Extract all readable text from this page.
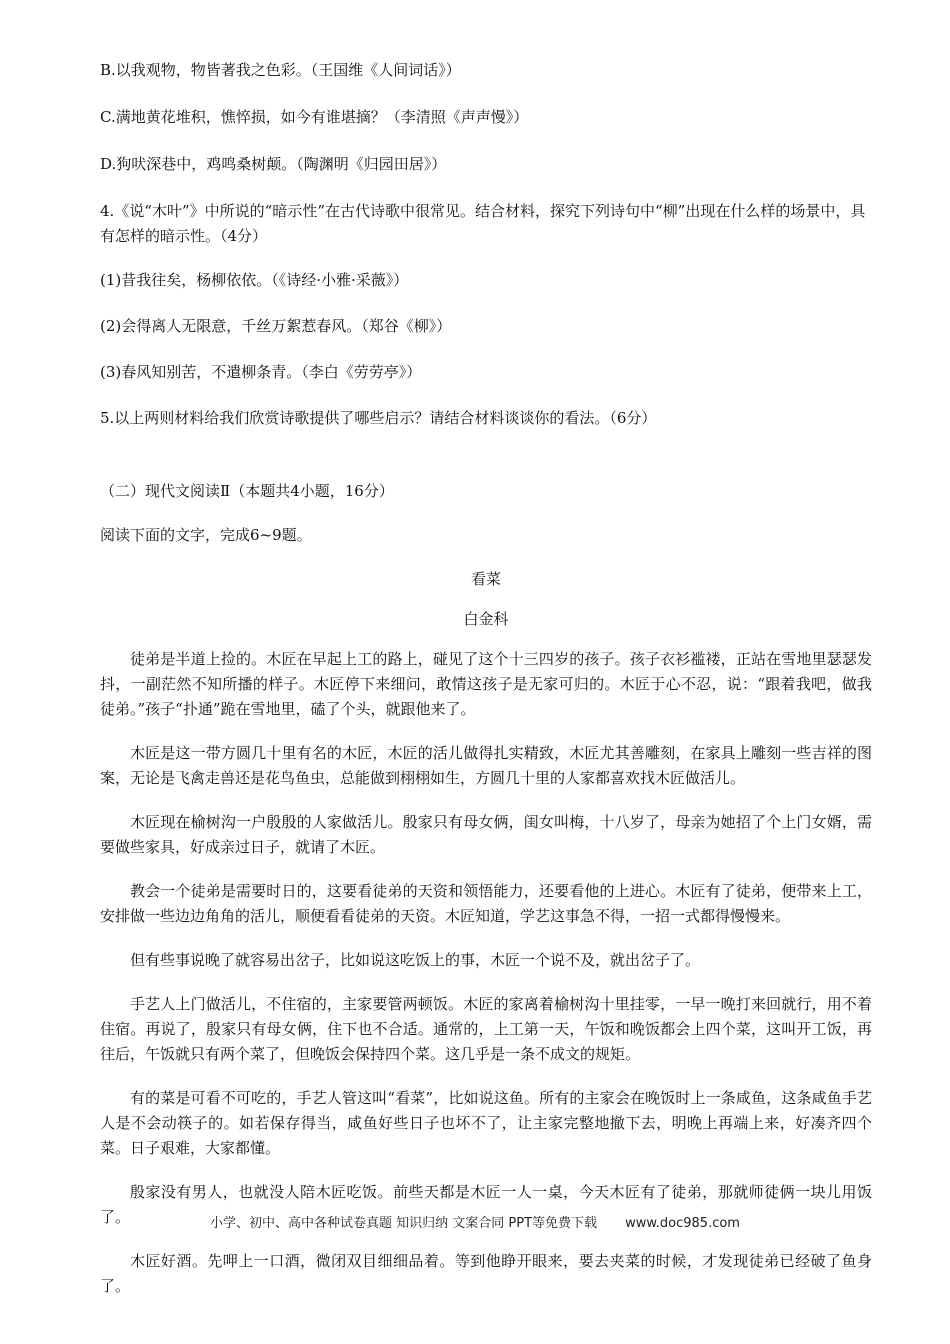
B.以我观物，物皆著我之色彩。（王国维《人间词话》）

C.满地黄花堆积，憔悴损，如今有谁堪摘？（李清照《声声慢》）

D.狗吠深巷中，鸡鸣桑树颠。（陶渊明《归园田居》）

4.《说“木叶”》中所说的“暗示性”在古代诗歌中很常见。结合材料，探究下列诗句中“柳”出现在什么样的场景中，具有怎样的暗示性。（4分）

(1)昔我往矣，杨柳依依。（《诗经·小雅·采薇》）

(2)会得离人无限意，千丝万絮惹春风。（郑谷《柳》）

(3)春风知别苦，不遣柳条青。（李白《劳劳亭》）

5.以上两则材料给我们欣赏诗歌提供了哪些启示？请结合材料谈谈你的看法。（6分）

（二）现代文阅读Ⅱ（本题共4小题，16分）

阅读下面的文字，完成6~9题。

看菜

白金科

徒弟是半道上捡的。木匠在早起上工的路上，碰见了这个十三四岁的孩子。孩子衣衫褴褛，正站在雪地里瑟瑟发抖，一副茫然不知所播的样子。木匠停下来细问，敢情这孩子是无家可归的。木匠于心不忍，说：“跟着我吧，做我徒弟。”孩子“扑通”跪在雪地里，磕了个头，就跟他来了。

木匠是这一带方圆几十里有名的木匠，木匠的活儿做得扎实精致，木匠尤其善雕刻，在家具上雕刻一些吉祥的图案，无论是飞禽走兽还是花鸟鱼虫，总能做到栩栩如生，方圆几十里的人家都喜欢找木匠做活儿。

木匠现在榆树沟一户殷殷的人家做活儿。殷家只有母女俩，闺女叫梅，十八岁了，母亲为她招了个上门女婿，需要做些家具，好成亲过日子，就请了木匠。

教会一个徒弟是需要时日的，这要看徒弟的天资和领悟能力，还要看他的上进心。木匠有了徒弟，便带来上工，安排做一些边边角角的活儿，顺便看看徒弟的天资。木匠知道，学艺这事急不得，一招一式都得慢慢来。

但有些事说晚了就容易出岔子，比如说这吃饭上的事，木匠一个说不及，就出岔子了。

手艺人上门做活儿，不住宿的，主家要管两顿饭。木匠的家离着榆树沟十里挂零，一早一晚打来回就行，用不着住宿。再说了，殷家只有母女俩，住下也不合适。通常的，上工第一天，午饭和晚饭都会上四个菜，这叫开工饭，再往后，午饭就只有两个菜了，但晚饭会保持四个菜。这几乎是一条不成文的规矩。

有的菜是可看不可吃的，手艺人管这叫“看菜”，比如说这鱼。所有的主家会在晚饭时上一条咸鱼，这条咸鱼手艺人是不会动筷子的。如若保存得当，咸鱼好些日子也坏不了，让主家完整地撤下去，明晚上再端上来，好凑齐四个菜。日子艰难，大家都懂。

殷家没有男人，也就没人陪木匠吃饭。前些天都是木匠一人一桌，今天木匠有了徒弟，那就师徒俩一块儿用饭了。

木匠好酒。先呷上一口酒，微闭双目细细品着。等到他睁开眼来，要去夹菜的时候，才发现徒弟已经破了鱼身了。

小学、初中、高中各种试卷真题 知识归纳 文案合同 PPT等免费下载 www.doc985.com
